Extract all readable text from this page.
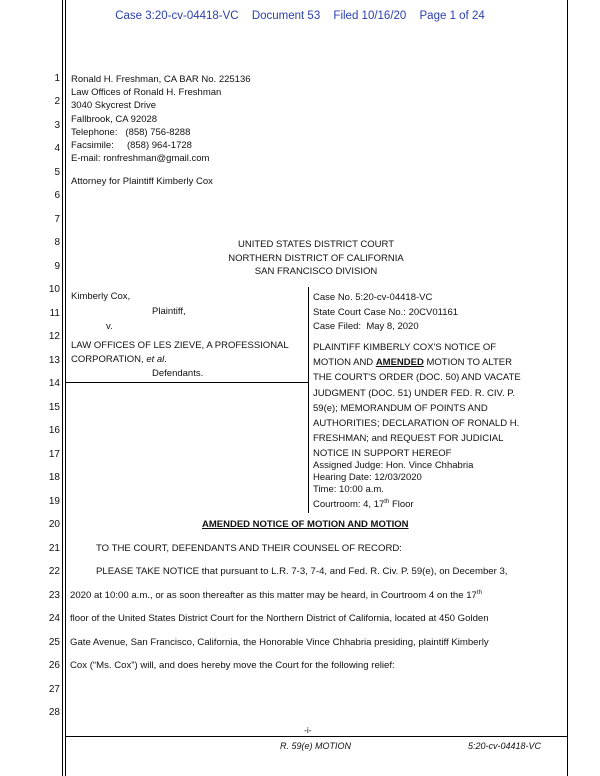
Case 3:20-cv-04418-VC Document 53 Filed 10/16/20 Page 1 of 24
1
2
3
4
5
6
7
8
9
10
11
12
13
14
15
16
17
18
19
20
21
22
23
24
25
26
27
28
Ronald H. Freshman, CA BAR No. 225136
Law Offices of Ronald H. Freshman
3040 Skycrest Drive
Fallbrook, CA 92028
Telephone:   (858) 756-8288
Facsimile:     (858) 964-1728
E-mail: ronfreshman@gmail.com
Attorney for Plaintiff Kimberly Cox
UNITED STATES DISTRICT COURT
NORTHERN DISTRICT OF CALIFORNIA
SAN FRANCISCO DIVISION
Kimberly Cox,
Plaintiff,
v.
LAW OFFICES OF LES ZIEVE, A PROFESSIONAL
CORPORATION, et al.
Defendants.
Case No. 5:20-cv-04418-VC
State Court Case No.: 20CV01161
Case Filed:  May 8, 2020
PLAINTIFF KIMBERLY COX'S NOTICE OF
MOTION AND AMENDED MOTION TO ALTER
THE COURT'S ORDER (DOC. 50) AND VACATE
JUDGMENT (DOC. 51) UNDER FED. R. CIV. P.
59(e); MEMORANDUM OF POINTS AND
AUTHORITIES; DECLARATION OF RONALD H.
FRESHMAN; and REQUEST FOR JUDICIAL
NOTICE IN SUPPORT HEREOF
Assigned Judge: Hon. Vince Chhabria
Hearing Date: 12/03/2020
Time: 10:00 a.m.
Courtroom: 4, 17th Floor
AMENDED NOTICE OF MOTION AND MOTION
TO THE COURT, DEFENDANTS AND THEIR COUNSEL OF RECORD:
PLEASE TAKE NOTICE that pursuant to L.R. 7-3, 7-4, and Fed. R. Civ. P. 59(e), on December 3,
2020 at 10:00 a.m., or as soon thereafter as this matter may be heard, in Courtroom 4 on the 17th
floor of the United States District Court for the Northern District of California, located at 450 Golden
Gate Avenue, San Francisco, California, the Honorable Vince Chhabria presiding, plaintiff Kimberly
Cox (“Ms. Cox”) will, and does hereby move the Court for the following relief:
-i-
R. 59(e) MOTION	5:20-cv-04418-VC
